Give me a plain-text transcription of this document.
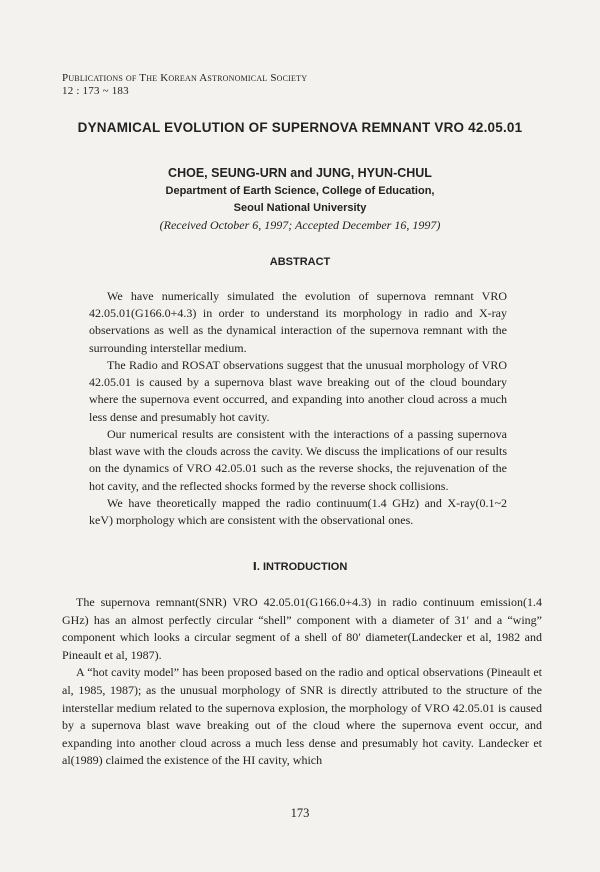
Publications of The Korean Astronomical Society
12 : 173 ~ 183
DYNAMICAL EVOLUTION OF SUPERNOVA REMNANT VRO 42.05.01
CHOE, SEUNG-URN and JUNG, HYUN-CHUL
Department of Earth Science, College of Education,
Seoul National University
(Received October 6, 1997; Accepted December 16, 1997)
ABSTRACT

We have numerically simulated the evolution of supernova remnant VRO 42.05.01(G166.0+4.3) in order to understand its morphology in radio and X-ray observations as well as the dynamical interaction of the supernova remnant with the surrounding interstellar medium.

The Radio and ROSAT observations suggest that the unusual morphology of VRO 42.05.01 is caused by a supernova blast wave breaking out of the cloud boundary where the supernova event occurred, and expanding into another cloud across a much less dense and presumably hot cavity.

Our numerical results are consistent with the interactions of a passing supernova blast wave with the clouds across the cavity. We discuss the implications of our results on the dynamics of VRO 42.05.01 such as the reverse shocks, the rejuvenation of the hot cavity, and the reflected shocks formed by the reverse shock collisions.

We have theoretically mapped the radio continuum(1.4 GHz) and X-ray(0.1~2 keV) morphology which are consistent with the observational ones.

Ⅰ. INTRODUCTION

The supernova remnant(SNR) VRO 42.05.01(G166.0+4.3) in radio continuum emission(1.4 GHz) has an almost perfectly circular “shell” component with a diameter of 31′ and a “wing” component which looks a circular segment of a shell of 80′ diameter(Landecker et al, 1982 and Pineault et al, 1987).

A “hot cavity model” has been proposed based on the radio and optical observations (Pineault et al, 1985, 1987); as the unusual morphology of SNR is directly attributed to the structure of the interstellar medium related to the supernova explosion, the morphology of VRO 42.05.01 is caused by a supernova blast wave breaking out of the cloud where the supernova event occur, and expanding into another cloud across a much less dense and presumably hot cavity. Landecker et al(1989) claimed the existence of the HI cavity, which

173
